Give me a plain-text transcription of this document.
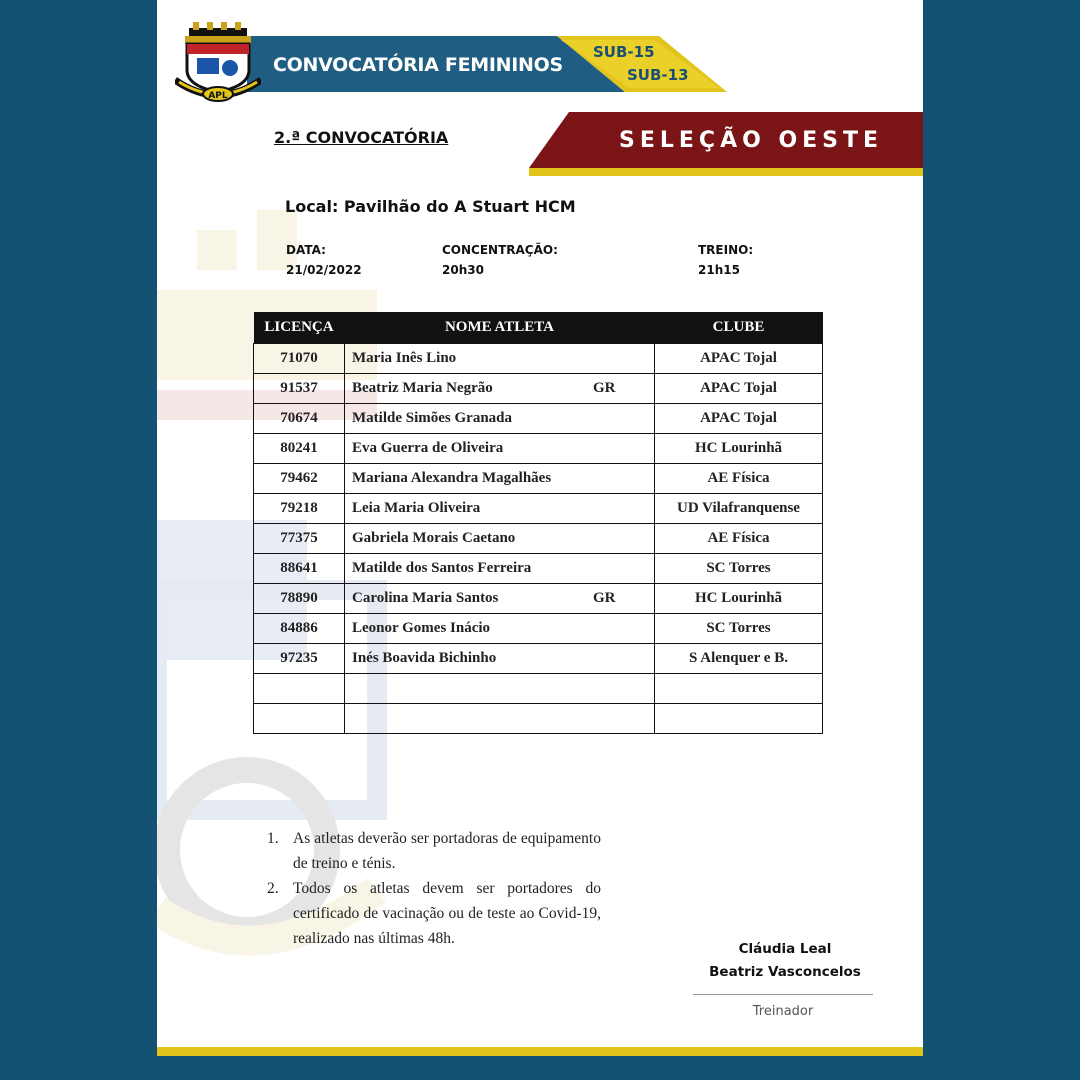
APL
CONVOCATÓRIA FEMININOS
SUB-15
SUB-13
2.ª CONVOCATÓRIA	SELEÇÃO OESTE
Local: Pavilhão do A Stuart HCM
DATA:
21/02/2022
CONCENTRAÇÃO:
20h30
TREINO:
21h15
LICENÇA	NOME ATLETA	CLUBE
71070	Maria Inês Lino	APAC Tojal
91537	Beatriz Maria Negrão GR	APAC Tojal
70674	Matilde Simões Granada	APAC Tojal
80241	Eva Guerra de Oliveira	HC Lourinhã
79462	Mariana Alexandra Magalhães	AE Física
79218	Leia Maria Oliveira	UD Vilafranquense
77375	Gabriela Morais Caetano	AE Física
88641	Matilde dos Santos Ferreira	SC Torres
78890	Carolina Maria Santos GR	HC Lourinhã
84886	Leonor Gomes Inácio	SC Torres
97235	Inés Boavida Bichinho	S Alenquer e B.

1. As atletas deverão ser portadoras de equipamento de treino e ténis.
2. Todos os atletas devem ser portadores do certificado de vacinação ou de teste ao Covid-19, realizado nas últimas 48h.
Cláudia Leal
Beatriz Vasconcelos
Treinador
